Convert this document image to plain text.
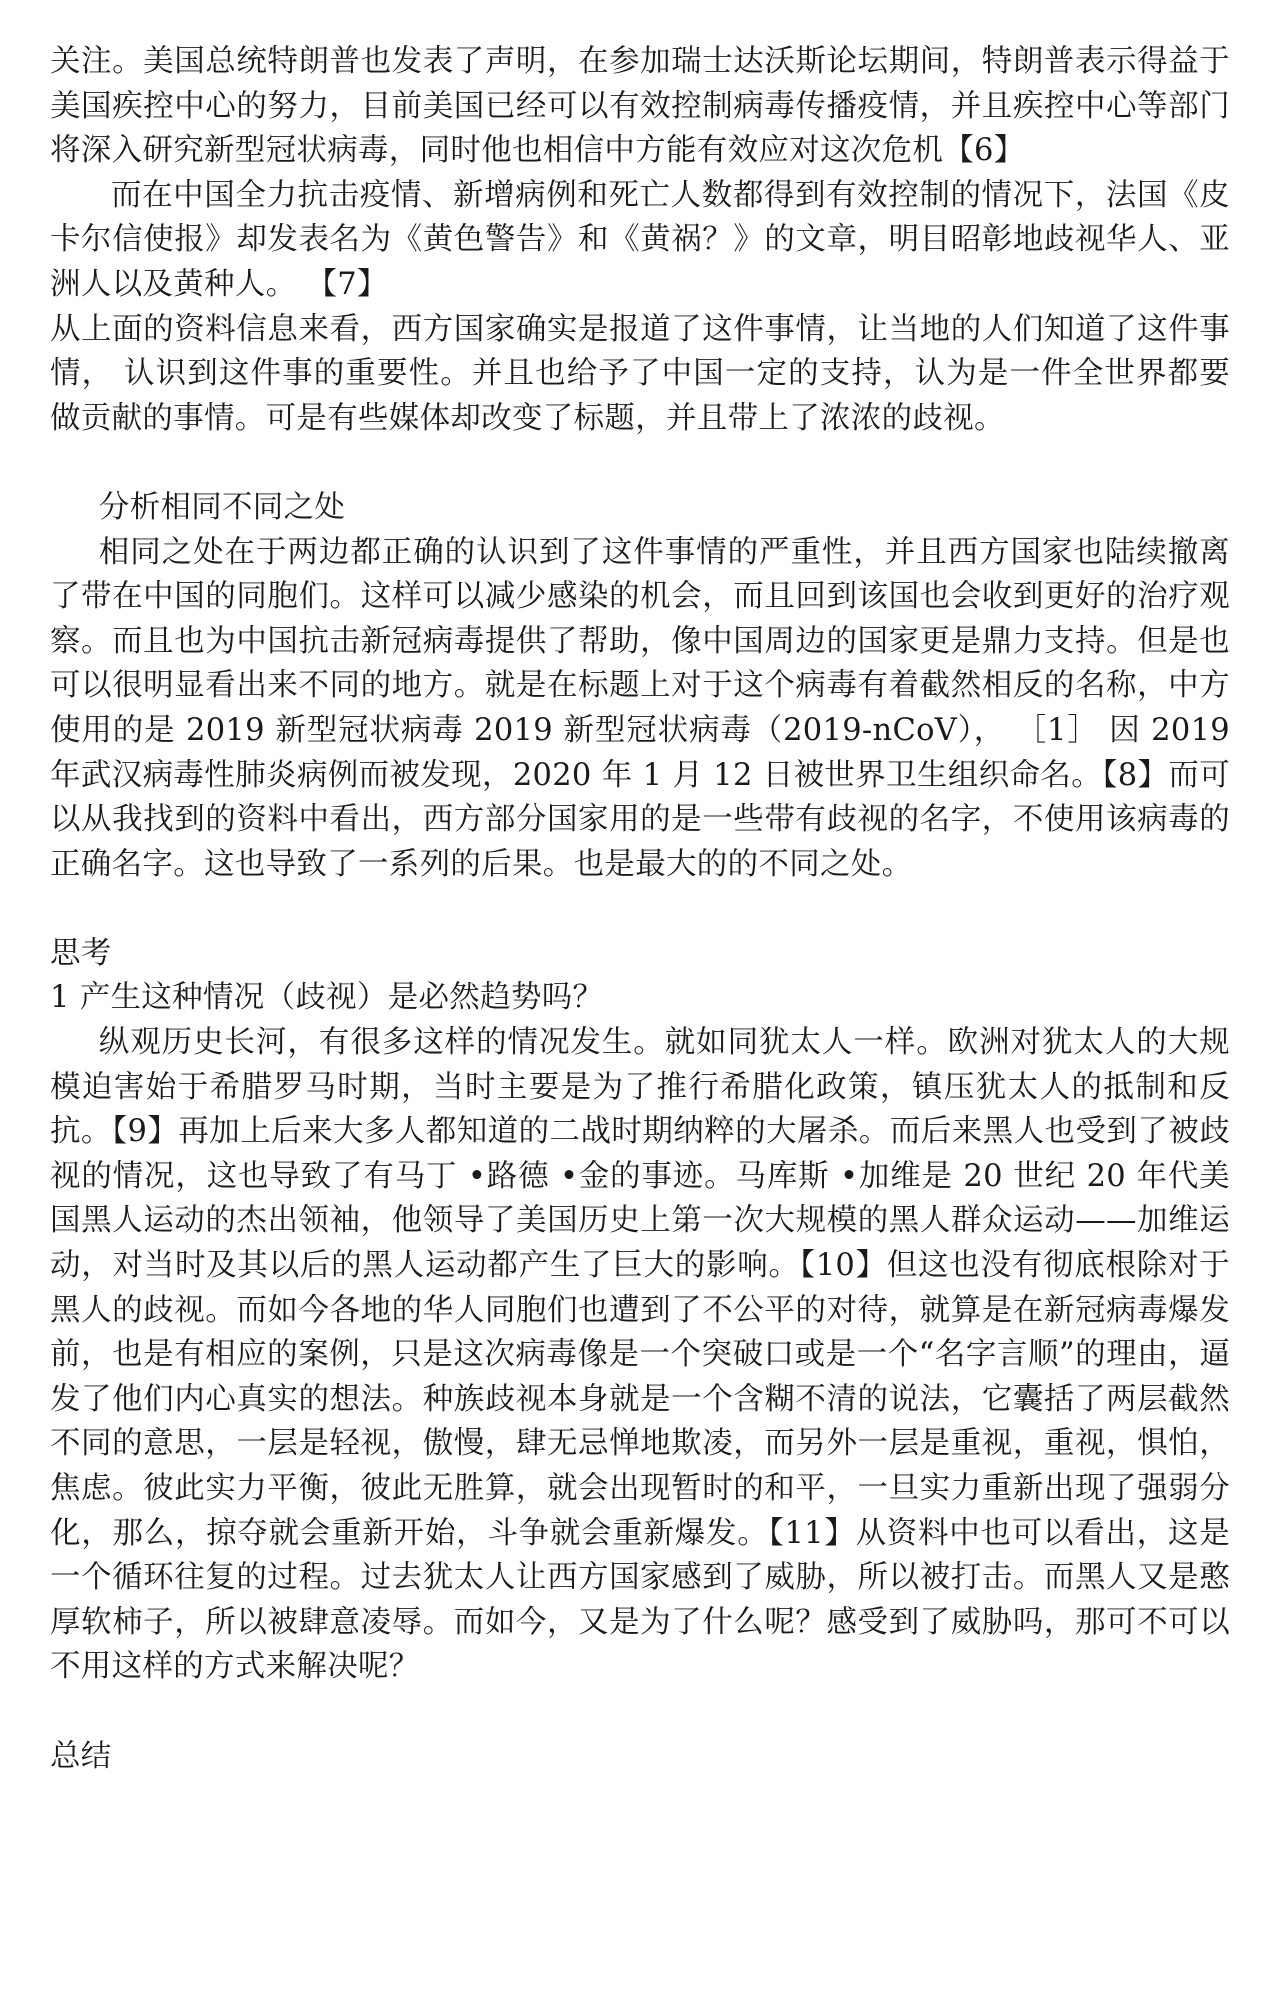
关注。美国总统特朗普也发表了声明，在参加瑞士达沃斯论坛期间，特朗普表示得益于美国疾控中心的努力，目前美国已经可以有效控制病毒传播疫情，并且疾控中心等部门将深入研究新型冠状病毒，同时他也相信中方能有效应对这次危机【6】

而在中国全力抗击疫情、新增病例和死亡人数都得到有效控制的情况下，法国《皮卡尔信使报》却发表名为《黄色警告》和《黄祸？》的文章，明目昭彰地歧视华人、亚洲人以及黄种人。 【7】

从上面的资料信息来看，西方国家确实是报道了这件事情，让当地的人们知道了这件事情， 认识到这件事的重要性。并且也给予了中国一定的支持，认为是一件全世界都要做贡献的事情。可是有些媒体却改变了标题，并且带上了浓浓的歧视。

分析相同不同之处

相同之处在于两边都正确的认识到了这件事情的严重性，并且西方国家也陆续撤离了带在中国的同胞们。这样可以减少感染的机会，而且回到该国也会收到更好的治疗观察。而且也为中国抗击新冠病毒提供了帮助，像中国周边的国家更是鼎力支持。但是也可以很明显看出来不同的地方。就是在标题上对于这个病毒有着截然相反的名称，中方使用的是 2019 新型冠状病毒 2019 新型冠状病毒（2019-nCoV）， ［1］ 因 2019 年武汉病毒性肺炎病例而被发现，2020 年 1 月 12 日被世界卫生组织命名。【8】而可以从我找到的资料中看出，西方部分国家用的是一些带有歧视的名字，不使用该病毒的正确名字。这也导致了一系列的后果。也是最大的的不同之处。

思考

1 产生这种情况（歧视）是必然趋势吗？

纵观历史长河，有很多这样的情况发生。就如同犹太人一样。欧洲对犹太人的大规模迫害始于希腊罗马时期，当时主要是为了推行希腊化政策，镇压犹太人的抵制和反抗。【9】再加上后来大多人都知道的二战时期纳粹的大屠杀。而后来黑人也受到了被歧视的情况，这也导致了有马丁 •路德 •金的事迹。马库斯 •加维是 20 世纪 20 年代美国黑人运动的杰出领袖，他领导了美国历史上第一次大规模的黑人群众运动——加维运动，对当时及其以后的黑人运动都产生了巨大的影响。【10】但这也没有彻底根除对于黑人的歧视。而如今各地的华人同胞们也遭到了不公平的对待，就算是在新冠病毒爆发前，也是有相应的案例，只是这次病毒像是一个突破口或是一个“名字言顺”的理由，逼发了他们内心真实的想法。种族歧视本身就是一个含糊不清的说法，它囊括了两层截然不同的意思，一层是轻视，傲慢，肆无忌惮地欺凌，而另外一层是重视，重视，惧怕，焦虑。彼此实力平衡，彼此无胜算，就会出现暂时的和平，一旦实力重新出现了强弱分化，那么，掠夺就会重新开始，斗争就会重新爆发。【11】从资料中也可以看出，这是一个循环往复的过程。过去犹太人让西方国家感到了威胁，所以被打击。而黑人又是憨厚软柿子，所以被肆意凌辱。而如今，又是为了什么呢？感受到了威胁吗，那可不可以不用这样的方式来解决呢？

总结
